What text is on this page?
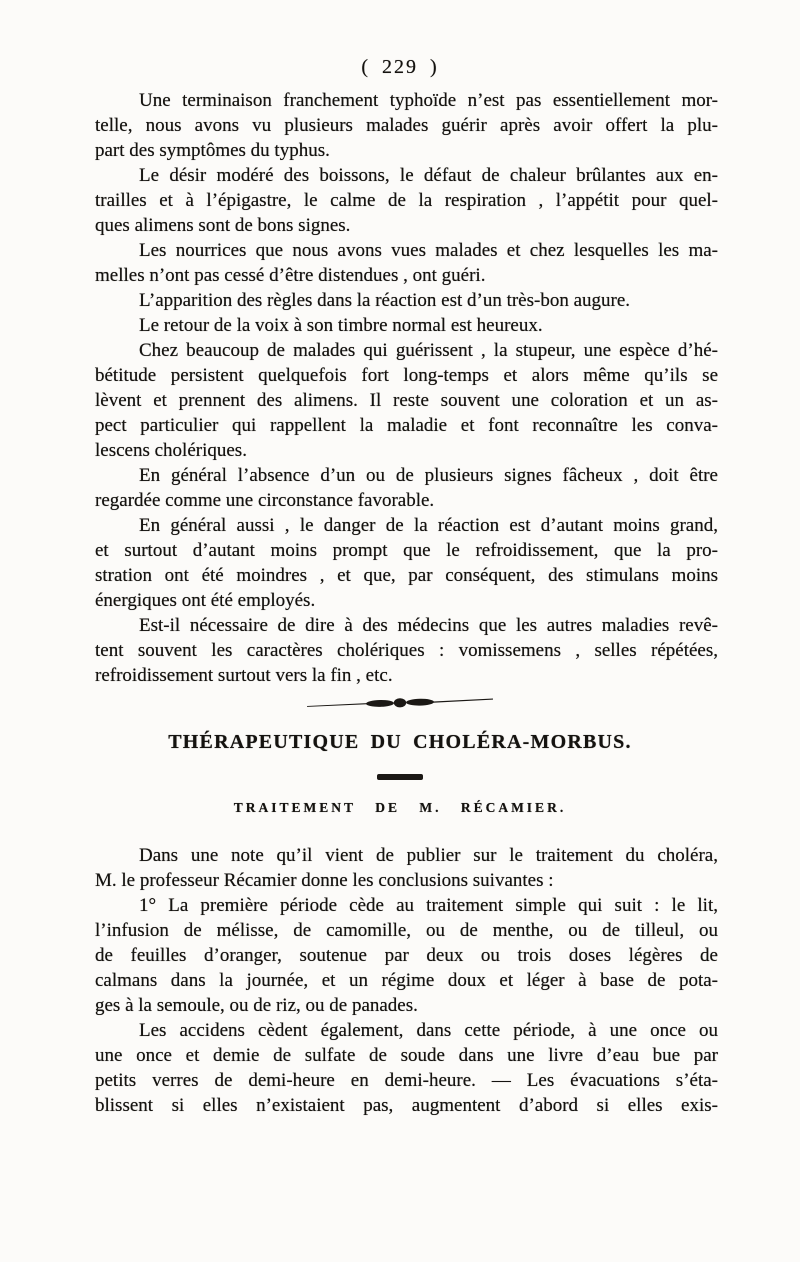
( 229 )

Une terminaison franchement typhoïde n’est pas essentiellement mor-
telle, nous avons vu plusieurs malades guérir après avoir offert la plu-
part des symptômes du typhus.

Le désir modéré des boissons, le défaut de chaleur brûlantes aux en-
trailles et à l’épigastre, le calme de la respiration , l’appétit pour quel-
ques alimens sont de bons signes.

Les nourrices que nous avons vues malades et chez lesquelles les ma-
melles n’ont pas cessé d’être distendues , ont guéri.

L’apparition des règles dans la réaction est d’un très-bon augure.

Le retour de la voix à son timbre normal est heureux.

Chez beaucoup de malades qui guérissent , la stupeur, une espèce d’hé-
bétitude persistent quelquefois fort long-temps et alors même qu’ils se
lèvent et prennent des alimens. Il reste souvent une coloration et un as-
pect particulier qui rappellent la maladie et font reconnaître les conva-
lescens cholériques.

En général l’absence d’un ou de plusieurs signes fâcheux , doit être
regardée comme une circonstance favorable.

En général aussi , le danger de la réaction est d’autant moins grand,
et surtout d’autant moins prompt que le refroidissement, que la pro-
stration ont été moindres , et que, par conséquent, des stimulans moins
énergiques ont été employés.

Est-il nécessaire de dire à des médecins que les autres maladies revê-
tent souvent les caractères cholériques : vomissemens , selles répétées,
refroidissement surtout vers la fin , etc.

THÉRAPEUTIQUE DU CHOLÉRA-MORBUS.
TRAITEMENT DE M. RÉCAMIER.

Dans une note qu’il vient de publier sur le traitement du choléra,
M. le professeur Récamier donne les conclusions suivantes :

1° La première période cède au traitement simple qui suit : le lit,
l’infusion de mélisse, de camomille, ou de menthe, ou de tilleul, ou
de feuilles d’oranger, soutenue par deux ou trois doses légères de
calmans dans la journée, et un régime doux et léger à base de pota-
ges à la semoule, ou de riz, ou de panades.

Les accidens cèdent également, dans cette période, à une once ou
une once et demie de sulfate de soude dans une livre d’eau bue par
petits verres de demi-heure en demi-heure. — Les évacuations s’éta-
blissent si elles n’existaient pas, augmentent d’abord si elles exis-
